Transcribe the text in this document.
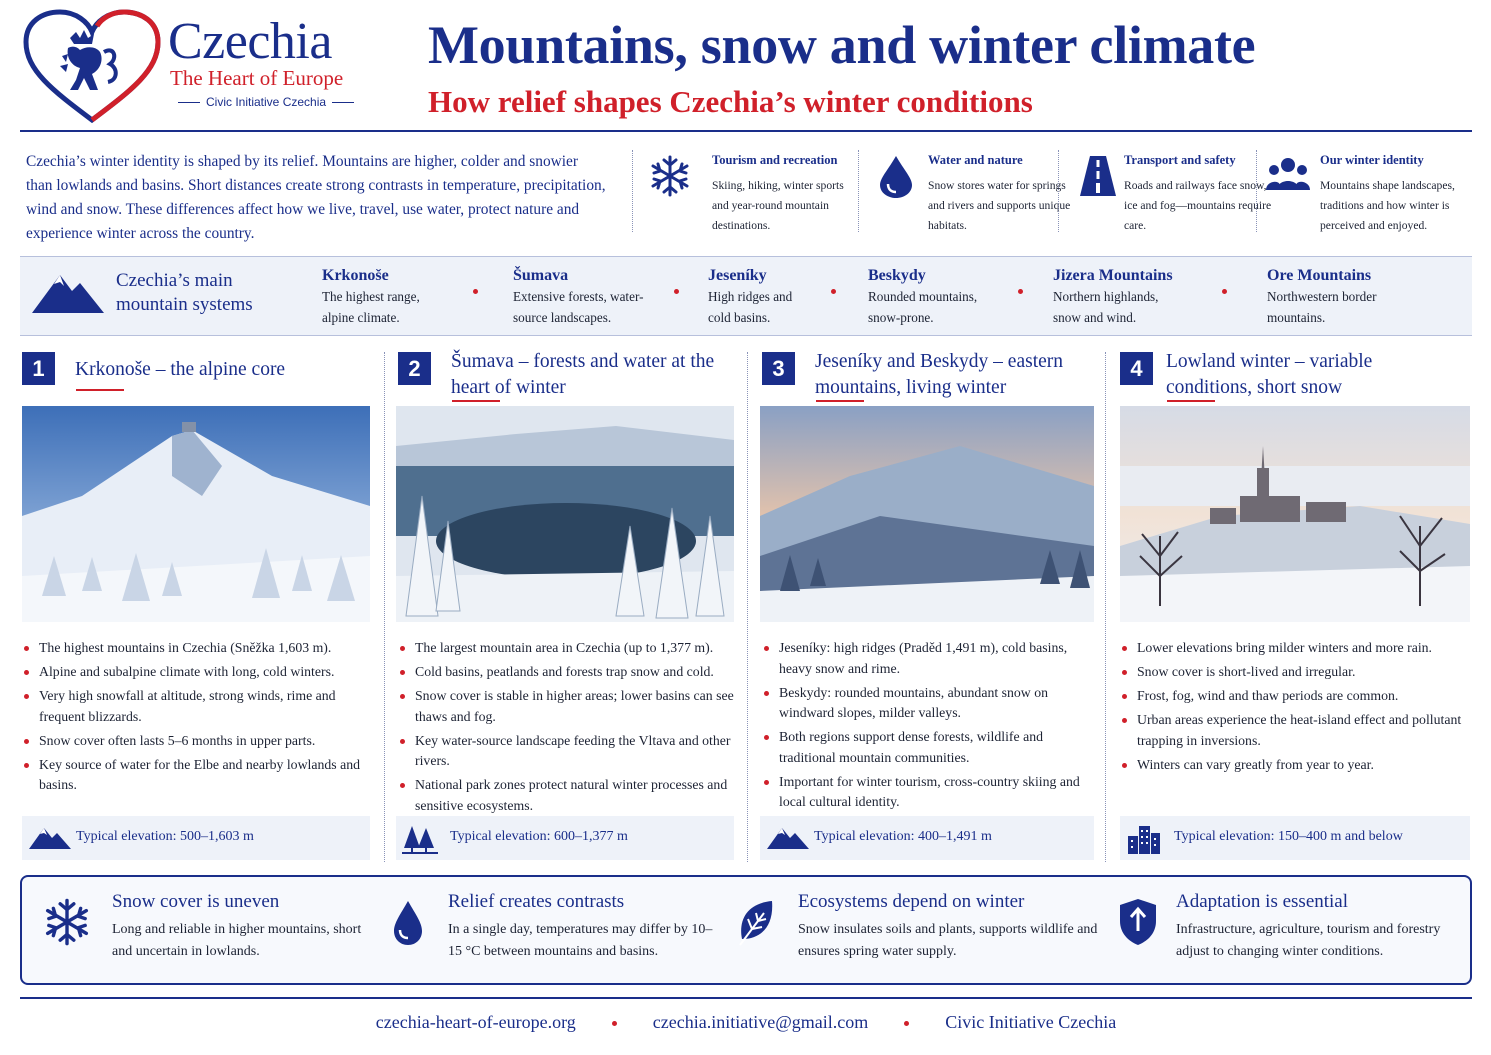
Czechia
The Heart of Europe
Civic Initiative Czechia
Mountains, snow and winter climate
How relief shapes Czechia’s winter conditions

Czechia’s winter identity is shaped by its relief. Mountains are higher, colder and snowier than lowlands and basins. Short distances create strong contrasts in temperature, precipitation, wind and snow. These differences affect how we live, travel, use water, protect nature and experience winter across the country.

Tourism and recreation

Skiing, hiking, winter sports and year-round mountain destinations.

Water and nature

Snow stores water for springs and rivers and supports unique habitats.

Transport and safety

Roads and railways face snow, ice and fog—mountains require care.

Our winter identity

Mountains shape landscapes, traditions and how winter is perceived and enjoyed.

Czechia’s main mountain systems
Krkonoše

The highest range, alpine climate.

Šumava

Extensive forests, water-source landscapes.

Jeseníky

High ridges and cold basins.

Beskydy

Rounded mountains, snow-prone.

Jizera Mountains

Northern highlands, snow and wind.

Ore Mountains

Northwestern border mountains.

1	Krkonoše – the alpine core
The highest mountains in Czechia (Sněžka 1,603 m).
Alpine and subalpine climate with long, cold winters.
Very high snowfall at altitude, strong winds, rime and frequent blizzards.
Snow cover often lasts 5–6 months in upper parts.
Key source of water for the Elbe and nearby lowlands and basins.
Typical elevation: 500–1,603 m
2	Šumava – forests and water at the heart of winter
The largest mountain area in Czechia (up to 1,377 m).
Cold basins, peatlands and forests trap snow and cold.
Snow cover is stable in higher areas; lower basins can see thaws and fog.
Key water-source landscape feeding the Vltava and other rivers.
National park zones protect natural winter processes and sensitive ecosystems.
Typical elevation: 600–1,377 m
3	Jeseníky and Beskydy – eastern mountains, living winter
Jeseníky: high ridges (Praděd 1,491 m), cold basins, heavy snow and rime.
Beskydy: rounded mountains, abundant snow on windward slopes, milder valleys.
Both regions support dense forests, wildlife and traditional mountain communities.
Important for winter tourism, cross-country skiing and local cultural identity.
Typical elevation: 400–1,491 m
4	Lowland winter – variable conditions, short snow
Lower elevations bring milder winters and more rain.
Snow cover is short-lived and irregular.
Frost, fog, wind and thaw periods are common.
Urban areas experience the heat-island effect and pollutant trapping in inversions.
Winters can vary greatly from year to year.
Typical elevation: 150–400 m and below
Snow cover is uneven

Long and reliable in higher mountains, short and uncertain in lowlands.

Relief creates contrasts

In a single day, temperatures may differ by 10–15 °C between mountains and basins.

Ecosystems depend on winter

Snow insulates soils and plants, supports wildlife and ensures spring water supply.

Adaptation is essential

Infrastructure, agriculture, tourism and forestry adjust to changing winter conditions.

czechia-heart-of-europe.org	czechia.initiative@gmail.com	Civic Initiative Czechia
